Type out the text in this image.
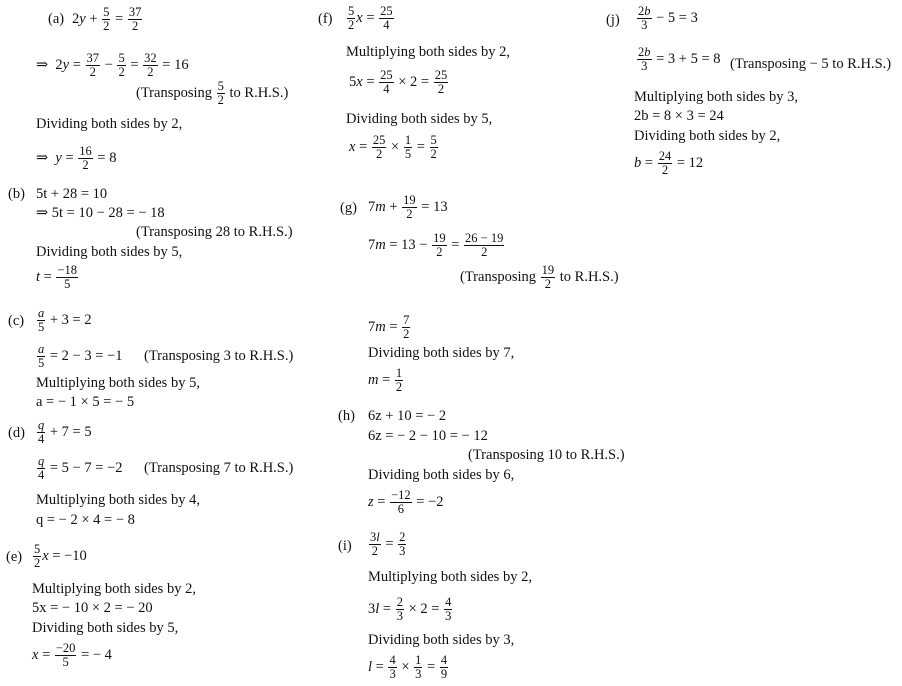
(a) $2y + \frac{5}{2} = \frac{37}{2}$
⇒  $2y = \frac{37}{2} - \frac{5}{2} = \frac{32}{2} = 16$
(Transposing $\frac{5}{2}$ to R.H.S.)
Dividing both sides by 2,
⇒  $y = \frac{16}{2} = 8$
(b) 5t + 28 = 10
⇒ 5t = 10 − 28 = − 18
(Transposing 28 to R.H.S.)
Dividing both sides by 5,
$t = \frac{-18}{5}$
$(c) \frac{a}{5} + 3 = 2$
$\frac{a}{5} = 2 - 3 = -1$ (Transposing 3 to R.H.S.)
Multiplying both sides by 5,
a = − 1 × 5 = − 5
$(d) \frac{q}{4} + 7 = 5$
$\frac{q}{4} = 5 - 7 = -2$ (Transposing 7 to R.H.S.)
Multiplying both sides by 4,
q = − 2 × 4 = − 8
$(e) \frac{5}{2}$ x = −10
Multiplying both sides by 2,
5x = − 10 × 2 = − 20
Dividing both sides by 5,
$x = \frac{-20}{5}$ = − 4
$(f) \frac{5}{2}$ $x = \frac{25}{4}$
Multiplying both sides by 2,
$5x = \frac{25}{4} \times 2 = \frac{25}{2}$
Dividing both sides by 5,
$x = \frac{25}{2} \times \frac{1}{5} = \frac{5}{2}$
(g) $7m + \frac{19}{2} = 13$
$7m = 13 - \frac{19}{2} = \frac{26 - 19}{2}$
(Transposing $\frac{19}{2}$ to R.H.S.)
$7m = \frac{7}{2}$
Dividing both sides by 7,
$m = \frac{1}{2}$
(h) 6z + 10 = − 2
6z = − 2 − 10 = − 12
(Transposing 10 to R.H.S.)
Dividing both sides by 6,
$z = \frac{-12}{6} = -2$
$(i) \frac{3l}{2} = \frac{2}{3}$
Multiplying both sides by 2,
$3l = \frac{2}{3} \times 2 = \frac{4}{3}$
Dividing both sides by 3,
$l = \frac{4}{3} \times \frac{1}{3} = \frac{4}{9}$
$(j) \frac{2b}{3} - 5 = 3$
$\frac{2b}{3} = 3 + 5 = 8$ (Transposing − 5 to R.H.S.)
Multiplying both sides by 3,
2b = 8 × 3 = 24
Dividing both sides by 2,
$b = \frac{24}{2} = 12$
